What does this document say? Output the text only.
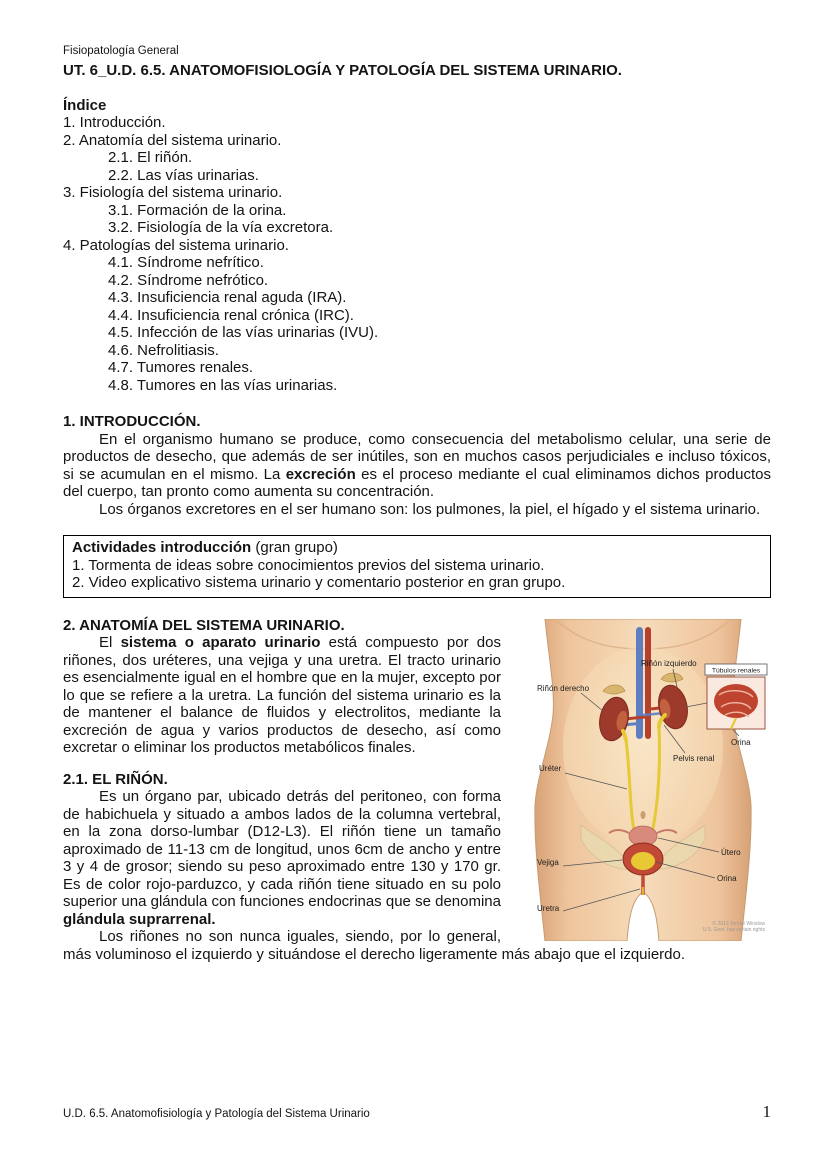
Fisiopatología General
UT. 6_U.D. 6.5. ANATOMOFISIOLOGÍA Y PATOLOGÍA DEL SISTEMA URINARIO.
Índice
1. Introducción.
2. Anatomía del sistema urinario.
2.1. El riñón.
2.2. Las vías urinarias.
3. Fisiología del sistema urinario.
3.1. Formación de la orina.
3.2. Fisiología de la vía excretora.
4. Patologías del sistema urinario.
4.1. Síndrome nefrítico.
4.2. Síndrome nefrótico.
4.3. Insuficiencia renal aguda (IRA).
4.4. Insuficiencia renal crónica (IRC).
4.5. Infección de las vías urinarias (IVU).
4.6. Nefrolitiasis.
4.7. Tumores renales.
4.8. Tumores en las vías urinarias.
1. INTRODUCCIÓN.

En el organismo humano se produce, como consecuencia del metabolismo celular, una serie de productos de desecho, que además de ser inútiles, son en muchos casos perjudiciales e incluso tóxicos, si se acumulan en el mismo. La excreción es el proceso mediante el cual eliminamos dichos productos del cuerpo, tan pronto como aumenta su concentración.

Los órganos excretores en el ser humano son: los pulmones, la piel, el hígado y el sistema urinario.

Actividades introducción (gran grupo)
1. Tormenta de ideas sobre conocimientos previos del sistema urinario.
2. Video explicativo sistema urinario y comentario posterior en gran grupo.
Túbulos renales
Riñón derecho
Riñón izquierdo
Orina
Uréter
Pelvis renal
Vejiga
Útero
Orina
Uretra
© 2013 Terese Winslow
U.S. Govt. has certain rights
2. ANATOMÍA DEL SISTEMA URINARIO.

El sistema o aparato urinario está compuesto por dos riñones, dos uréteres, una vejiga y una uretra. El tracto urinario es esencialmente igual en el hombre que en la mujer, excepto por lo que se refiere a la uretra. La función del sistema urinario es la de mantener el balance de fluidos y electrolitos, mediante la excreción de agua y varios productos de desecho, así como excretar o eliminar los productos metabólicos finales.

2.1. EL RIÑÓN.

Es un órgano par, ubicado detrás del peritoneo, con forma de habichuela y situado a ambos lados de la columna vertebral, en la zona dorso-lumbar (D12-L3). El riñón tiene un tamaño aproximado de 11-13 cm de longitud, unos 6cm de ancho y entre 3 y 4 de grosor; siendo su peso aproximado entre 130 y 170 gr. Es de color rojo-parduzco, y cada riñón tiene situado en su polo superior una glándula con funciones endocrinas que se denomina glándula suprarrenal.

Los riñones no son nunca iguales, siendo, por lo general, más voluminoso el izquierdo y situándose el derecho ligeramente más abajo que el izquierdo.

U.D. 6.5. Anatomofisiología y Patología del Sistema Urinario	1
